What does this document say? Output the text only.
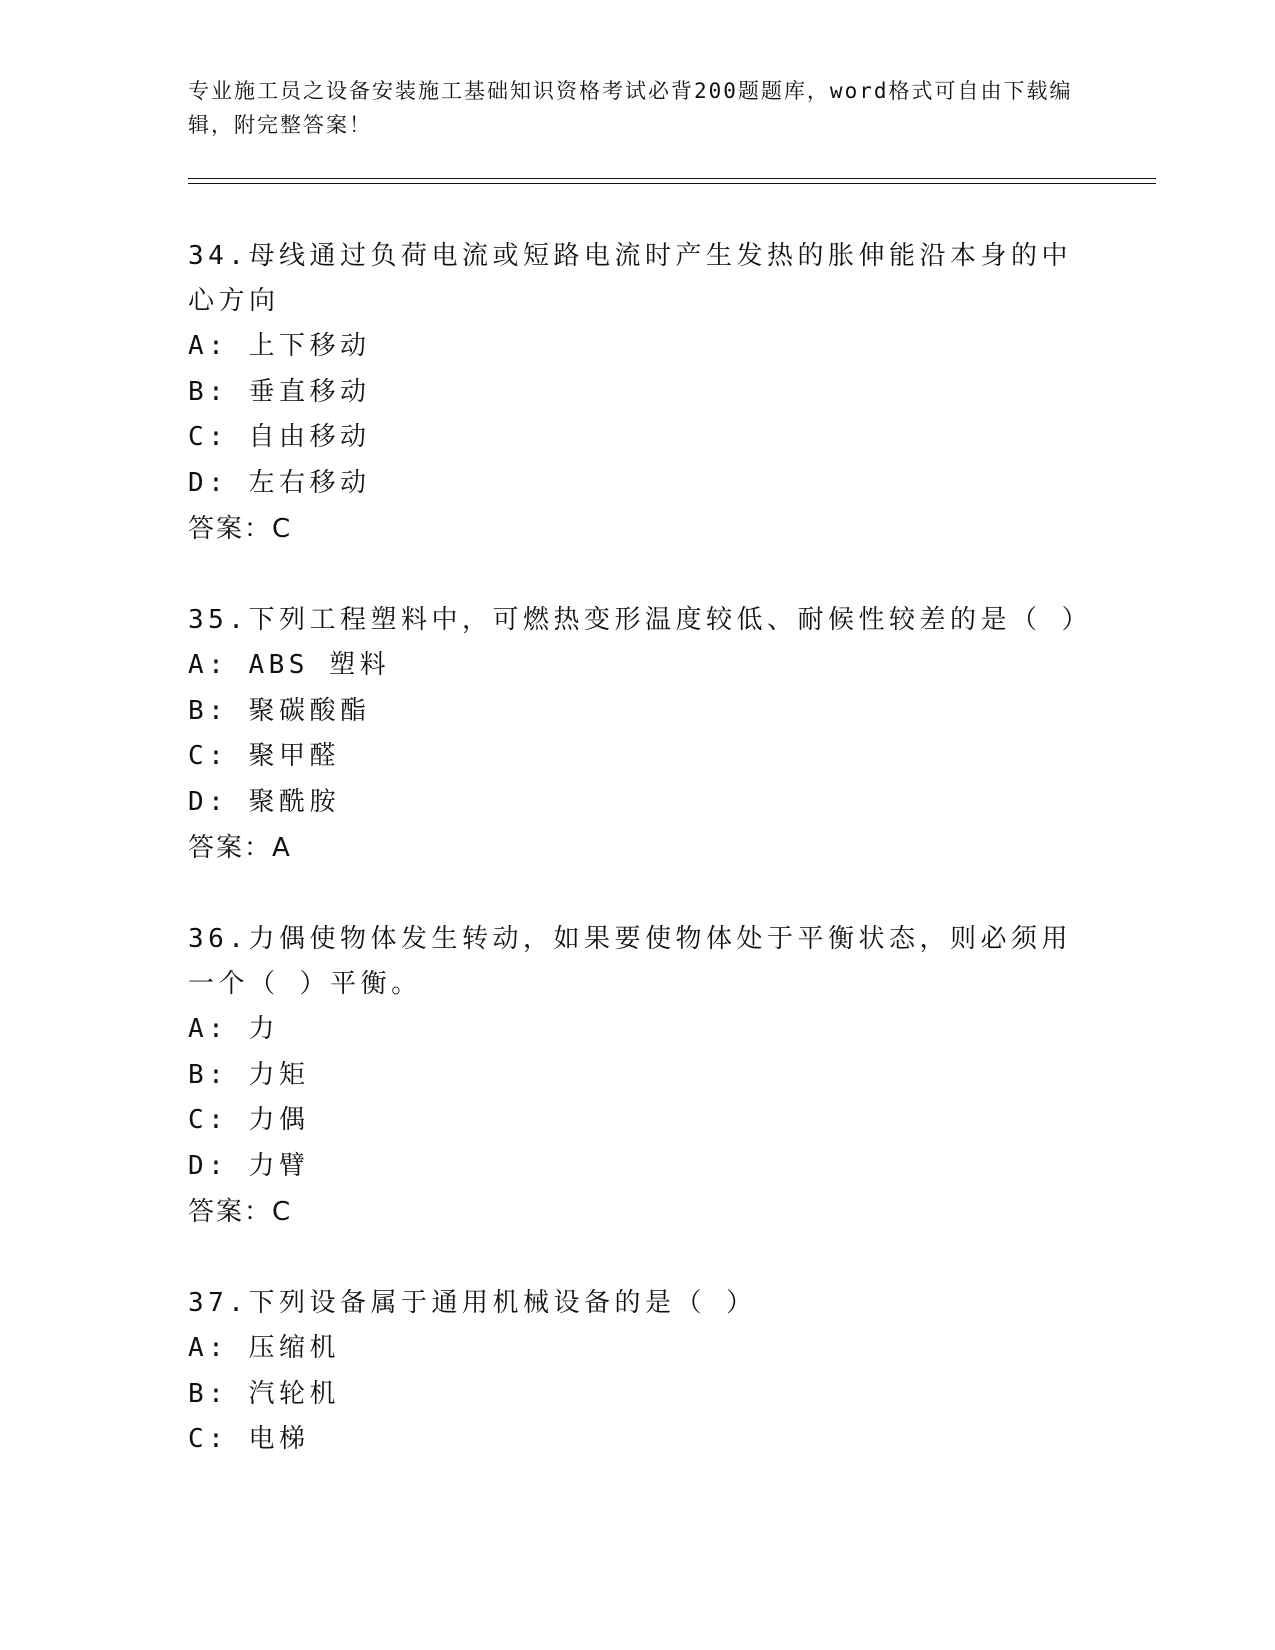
专业施工员之设备安装施工基础知识资格考试必背200题题库，word格式可自由下载编辑，附完整答案！

34.母线通过负荷电流或短路电流时产生发热的胀伸能沿本身的中心方向

A: 上下移动

B: 垂直移动

C: 自由移动

D: 左右移动

答案：C

35.下列工程塑料中，可燃热变形温度较低、耐候性较差的是（ ）

A: ABS 塑料

B: 聚碳酸酯

C: 聚甲醛

D: 聚酰胺

答案：A

36.力偶使物体发生转动，如果要使物体处于平衡状态，则必须用一个（ ）平衡。

A: 力

B: 力矩

C: 力偶

D: 力臂

答案：C

37.下列设备属于通用机械设备的是（ ）

A: 压缩机

B: 汽轮机

C: 电梯
